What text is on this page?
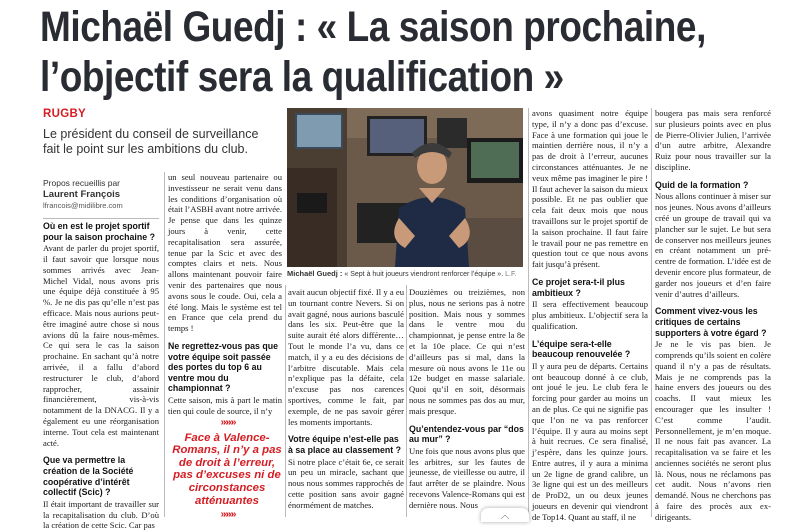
Michaël Guedj : « La saison prochaine,
l’objectif sera la qualification »
RUGBY
Le président du conseil de surveillance fait le point sur les ambitions du club.
Propos recueillis par
Laurent François
lfrancois@midilibre.com

Où en est le projet sportif pour la saison prochaine ?

Avant de parler du projet sportif, il faut savoir que lorsque nous sommes arrivés avec Jean-Michel Vidal, nous avons pris une équipe déjà constituée à 95 %. Je ne dis pas qu’elle n’est pas efficace. Mais nous aurions peut-être imaginé autre chose si nous avions dû la faire nous-mêmes. Ce qui sera le cas la saison prochaine. En sachant qu’à notre arrivée, il a fallu d’abord restructurer le club, d’abord rapprocher, assainir financièrement, vis-à-vis notamment de la DNACG. Il y a également eu une réorganisation interne. Tout cela est maintenant acté.

Que va permettre la création de la Société coopérative d’intérêt collectif (Scic) ?

Il était important de travailler sur la recapitalisation du club. D’où la création de cette Scic. Car pas

un seul nouveau partenaire ou investisseur ne serait venu dans les conditions d’organisation où était l’ASBH avant notre arrivée. Je pense que dans les quinze jours à venir, cette recapitalisation sera assurée, tenue par la Scic et avec des comptes clairs et nets. Nous allons maintenant pouvoir faire venir des partenaires que nous avons sous le coude. Oui, cela a été long. Mais le système est tel en France que cela prend du temps !

Ne regrettez-vous pas que votre équipe soit passée des portes du top 6 au ventre mou du championnat ?

Cette saison, mis à part le matin tien qui coule de source, il n’y

»»»»»
Face à Valence-Romans, il n’y a pas de droit à l’erreur, pas d’excuses ni de circonstances atténuantes
»»»»»
Michaël Guedj : « Sept à huit joueurs viendront renforcer l’équipe ». L.F.

avait aucun objectif fixé. Il y a eu un tournant contre Nevers. Si on avait gagné, nous aurions basculé dans les six. Peut-être que la suite aurait été alors différente… Tout le monde l’a vu, dans ce match, il y a eu des décisions de l’arbitre discutable. Mais cela n’explique pas la défaite, cela n’excuse pas nos carences sportives, comme le fait, par exemple, de ne pas savoir gérer les moments importants.

Votre équipe n’est-elle pas à sa place au classement ?

Si notre place c’était 6e, ce serait un peu un miracle, sachant que nous nous sommes rapprochés de cette position sans avoir gagné énormément de matches.

Douzièmes ou treizièmes, non plus, nous ne serions pas à notre position. Mais nous y sommes dans le ventre mou du championnat, je pense entre la 8e et la 10e place. Ce qui n’est d’ailleurs pas si mal, dans la mesure où nous avons le 11e ou 12e budget en masse salariale. Quoi qu’il en soit, désormais nous ne sommes pas dos au mur, mais presque.

Qu’entendez-vous par “dos au mur” ?

Une fois que nous avons plus que les arbitres, sur les fautes de jeunesse, de vieillesse ou autre, il faut arrêter de se plaindre. Nous recevons Valence-Romans qui est dernière nous. Nous

avons quasiment notre équipe type, il n’y a donc pas d’excuse. Face à une formation qui joue le maintien derrière nous, il n’y a pas de droit à l’erreur, aucunes circonstances atténuantes. Je ne veux même pas imaginer le pire ! Il faut achever la saison du mieux possible. Et ne pas oublier que cela fait deux mois que nous travaillons sur le projet sportif de la saison prochaine. Il faut faire le travail pour ne pas remettre en question tout ce que nous avons fait jusqu’à présent.

Ce projet sera-t-il plus ambitieux ?

Il sera effectivement beaucoup plus ambitieux. L’objectif sera la qualification.

L’équipe sera-t-elle beaucoup renouvelée ?

Il y aura peu de départs. Certains ont beaucoup donné à ce club, ont joué le jeu. Le club fera le forcing pour garder au moins un an de plus. Ce qui ne signifie pas que l’on ne va pas renforcer l’équipe. Il y aura au moins sept à huit recrues. Ce sera finalisé, j’espère, dans les quinze jours. Entre autres, il y aura a minima un 2e ligne de grand calibre, un 3e ligne qui est un des meilleurs de ProD2, un ou deux jeunes joueurs en devenir qui viendront de Top14. Quant au staff, il ne

bougera pas mais sera renforcé sur plusieurs points avec en plus de Pierre-Olivier Julien, l’arrivée d’un autre arbitre, Alexandre Ruiz pour nous travailler sur la discipline.

Quid de la formation ?

Nous allons continuer à miser sur nos jeunes. Nous avons d’ailleurs créé un groupe de travail qui va plancher sur le sujet. Le but sera de conserver nos meilleurs jeunes en créant notamment un pré-centre de formation. L’idée est de devenir encore plus formateur, de garder nos joueurs et d’en faire venir d’autres d’ailleurs.

Comment vivez-vous les critiques de certains supporters à votre égard ?

Je ne le vis pas bien. Je comprends qu’ils soient en colère quand il n’y a pas de résultats. Mais je ne comprends pas la haine envers des joueurs ou des coachs. Il vaut mieux les encourager que les insulter ! C’est comme l’audit. Personnellement, je m’en moque. Il ne nous fait pas avancer. La recapitalisation va se faire et les anciennes sociétés ne seront plus là. Nous, nous ne réclamons pas cet audit. Nous n’avons rien demandé. Nous ne cherchons pas à faire des procès aux ex-dirigeants.

︿
